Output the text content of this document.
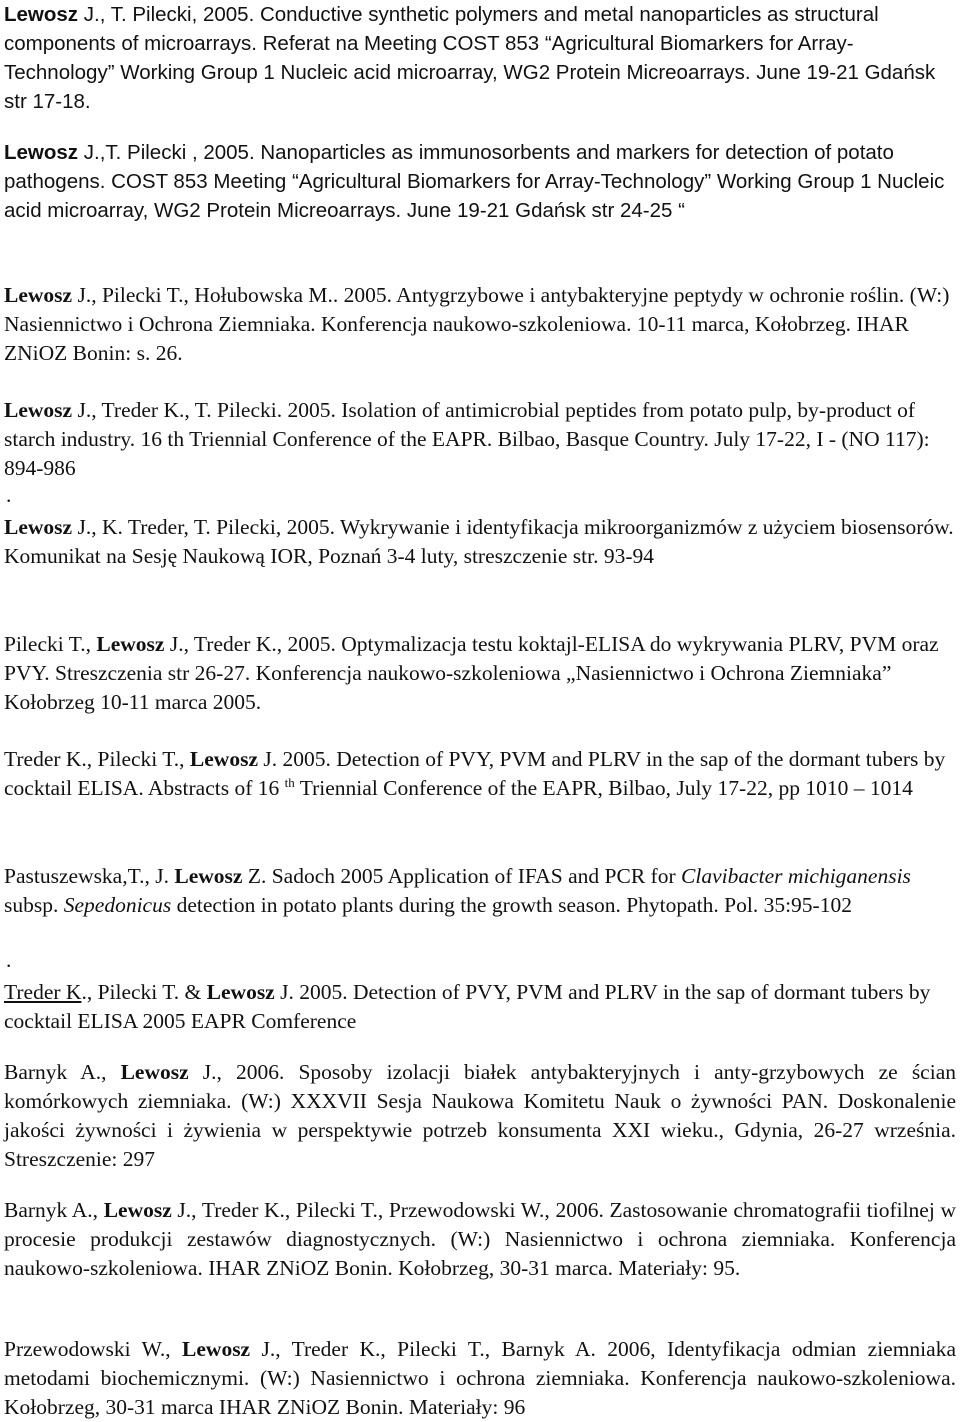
Lewosz J., T. Pilecki, 2005. Conductive synthetic polymers and metal nanoparticles as structural components of microarrays. Referat na Meeting COST 853 “Agricultural Biomarkers for Array-Technology” Working Group 1 Nucleic acid microarray, WG2 Protein Micreoarrays. June 19-21 Gdańsk str 17-18.

Lewosz J.,T. Pilecki , 2005. Nanoparticles as immunosorbents and markers for detection of potato pathogens. COST 853 Meeting “Agricultural Biomarkers for Array-Technology” Working Group 1 Nucleic acid microarray, WG2 Protein Micreoarrays. June 19-21 Gdańsk str 24-25 “

Lewosz J., Pilecki T., Hołubowska M.. 2005. Antygrzybowe i antybakteryjne peptydy w ochronie roślin. (W:) Nasiennictwo i Ochrona Ziemniaka. Konferencja naukowo-szkoleniowa. 10-11 marca, Kołobrzeg. IHAR ZNiOZ Bonin: s. 26.

Lewosz J., Treder K., T. Pilecki. 2005. Isolation of antimicrobial peptides from potato pulp, by-product of starch industry. 16 th Triennial Conference of the EAPR. Bilbao, Basque Country. July 17-22, I - (NO 117): 894-986

.

Lewosz J., K. Treder, T. Pilecki, 2005. Wykrywanie i identyfikacja mikroorganizmów z użyciem biosensorów. Komunikat na Sesję Naukową IOR, Poznań 3-4 luty, streszczenie str. 93-94

Pilecki T., Lewosz J., Treder K., 2005. Optymalizacja testu koktajl-ELISA do wykrywania PLRV, PVM oraz PVY. Streszczenia str 26-27. Konferencja naukowo-szkoleniowa „Nasiennictwo i Ochrona Ziemniaka” Kołobrzeg 10-11 marca 2005.

Treder K., Pilecki T., Lewosz J. 2005. Detection of PVY, PVM and PLRV in the sap of the dormant tubers by cocktail ELISA. Abstracts of 16 $^{th}$ Triennial Conference of the EAPR, Bilbao, July 17-22, pp 1010 – 1014

Pastuszewska,T., J. Lewosz Z. Sadoch 2005 Application of IFAS and PCR for Clavibacter michiganensis subsp. Sepedonicus detection in potato plants during the growth season. Phytopath. Pol. 35:95-102

.

Treder K., Pilecki T. & Lewosz J. 2005. Detection of PVY, PVM and PLRV in the sap of dormant tubers by cocktail ELISA 2005 EAPR Comference

Barnyk A., Lewosz J., 2006. Sposoby izolacji białek antybakteryjnych i anty-grzybowych ze ścian komórkowych ziemniaka. (W:) XXXVII Sesja Naukowa Komitetu Nauk o żywności PAN. Doskonalenie jakości żywności i żywienia w perspektywie potrzeb konsumenta XXI wieku., Gdynia, 26-27 września. Streszczenie: 297

Barnyk A., Lewosz J., Treder K., Pilecki T., Przewodowski W., 2006. Zastosowanie chromatografii tiofilnej w procesie produkcji zestawów diagnostycznych. (W:) Nasiennictwo i ochrona ziemniaka. Konferencja naukowo-szkoleniowa. IHAR ZNiOZ Bonin. Kołobrzeg, 30-31 marca. Materiały: 95.

Przewodowski W., Lewosz J., Treder K., Pilecki T., Barnyk A. 2006, Identyfikacja odmian ziemniaka metodami biochemicznymi. (W:) Nasiennictwo i ochrona ziemniaka. Konferencja naukowo-szkoleniowa. Kołobrzeg, 30-31 marca IHAR ZNiOZ Bonin. Materiały: 96
